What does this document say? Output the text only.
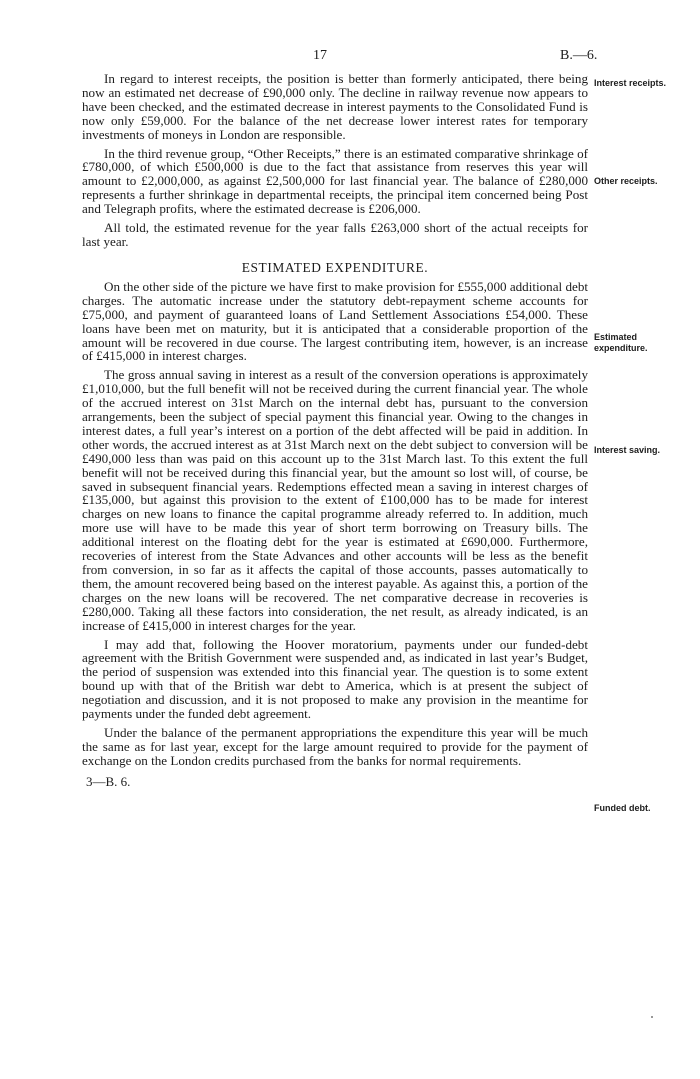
17	B.—6.

In regard to interest receipts, the position is better than formerly anticipated, there being now an estimated net decrease of £90,000 only. The decline in railway revenue now appears to have been checked, and the estimated decrease in interest payments to the Consolidated Fund is now only £59,000. For the balance of the net decrease lower interest rates for temporary investments of moneys in London are responsible.

In the third revenue group, “Other Receipts,” there is an estimated comparative shrinkage of £780,000, of which £500,000 is due to the fact that assistance from reserves this year will amount to £2,000,000, as against £2,500,000 for last financial year. The balance of £280,000 represents a further shrinkage in departmental receipts, the principal item concerned being Post and Telegraph profits, where the estimated decrease is £206,000.

All told, the estimated revenue for the year falls £263,000 short of the actual receipts for last year.

ESTIMATED EXPENDITURE.

On the other side of the picture we have first to make provision for £555,000 additional debt charges. The automatic increase under the statutory debt-repayment scheme accounts for £75,000, and payment of guaranteed loans of Land Settlement Associations £54,000. These loans have been met on maturity, but it is anticipated that a considerable proportion of the amount will be recovered in due course. The largest contributing item, however, is an increase of £415,000 in interest charges.

The gross annual saving in interest as a result of the conversion operations is approximately £1,010,000, but the full benefit will not be received during the current financial year. The whole of the accrued interest on 31st March on the internal debt has, pursuant to the conversion arrangements, been the subject of special payment this financial year. Owing to the changes in interest dates, a full year’s interest on a portion of the debt affected will be paid in addition. In other words, the accrued interest as at 31st March next on the debt subject to conversion will be £490,000 less than was paid on this account up to the 31st March last. To this extent the full benefit will not be received during this financial year, but the amount so lost will, of course, be saved in subsequent financial years. Redemptions effected mean a saving in interest charges of £135,000, but against this provision to the extent of £100,000 has to be made for interest charges on new loans to finance the capital programme already referred to. In addition, much more use will have to be made this year of short term borrowing on Treasury bills. The additional interest on the floating debt for the year is estimated at £690,000. Furthermore, recoveries of interest from the State Advances and other accounts will be less as the benefit from conversion, in so far as it affects the capital of those accounts, passes automatically to them, the amount recovered being based on the interest payable. As against this, a portion of the charges on the new loans will be recovered. The net comparative decrease in recoveries is £280,000. Taking all these factors into consideration, the net result, as already indicated, is an increase of £415,000 in interest charges for the year.

I may add that, following the Hoover moratorium, payments under our funded-debt agreement with the British Government were suspended and, as indicated in last year’s Budget, the period of suspension was extended into this financial year. The question is to some extent bound up with that of the British war debt to America, which is at present the subject of negotiation and discussion, and it is not proposed to make any provision in the meantime for payments under the funded debt agreement.

Under the balance of the permanent appropriations the expenditure this year will be much the same as for last year, except for the large amount required to provide for the payment of exchange on the London credits purchased from the banks for normal requirements.

3—B. 6.
Interest receipts.
Other receipts.
Estimated expenditure.
Interest saving.
Funded debt.
